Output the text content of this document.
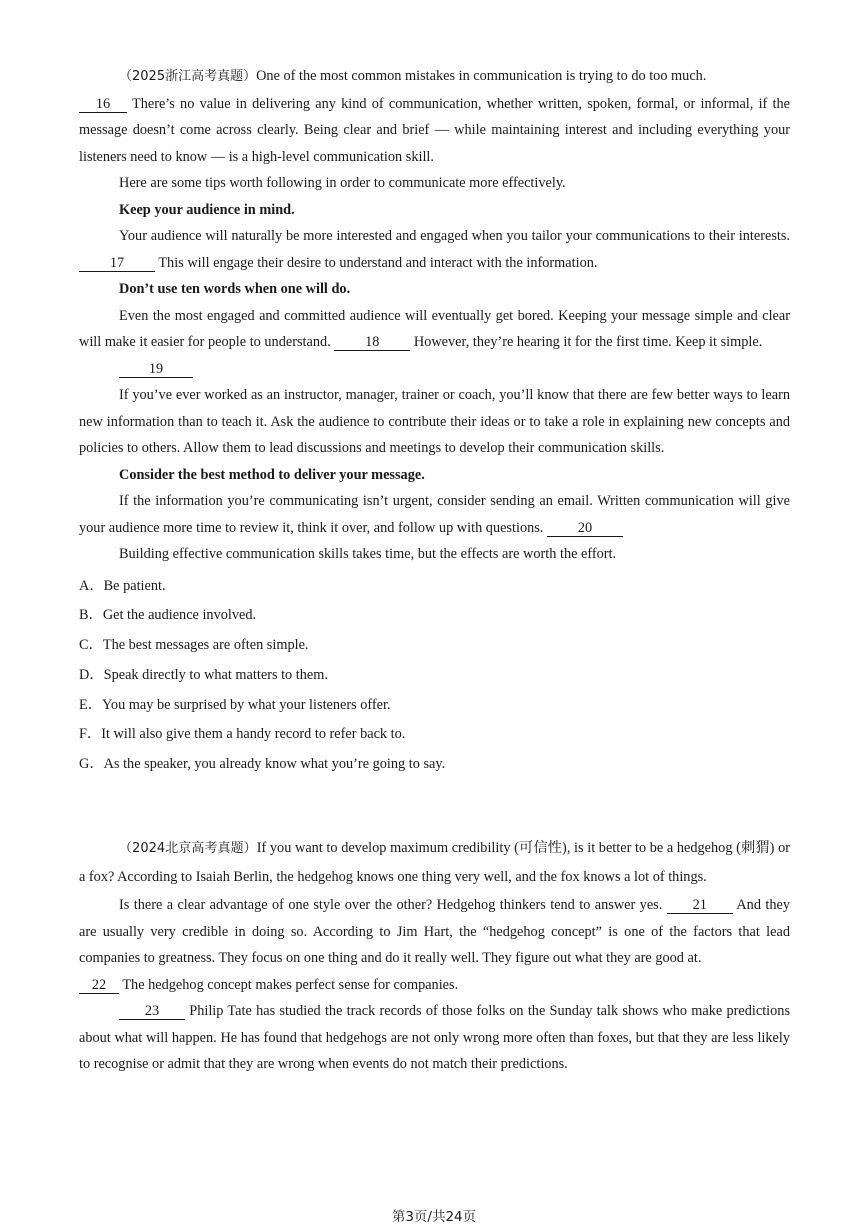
（2025浙江高考真题）One of the most common mistakes in communication is trying to do too much.
16 There’s no value in delivering any kind of communication, whether written, spoken, formal, or informal, if the message doesn’t come across clearly. Being clear and brief — while maintaining interest and including everything your listeners need to know — is a high-level communication skill.

Here are some tips worth following in order to communicate more effectively.

Keep your audience in mind.

Your audience will naturally be more interested and engaged when you tailor your communications to their interests. 17 This will engage their desire to understand and interact with the information.

Don’t use ten words when one will do.

Even the most engaged and committed audience will eventually get bored. Keeping your message simple and clear will make it easier for people to understand. 18 However, they’re hearing it for the first time. Keep it simple.

19

If you’ve ever worked as an instructor, manager, trainer or coach, you’ll know that there are few better ways to learn new information than to teach it. Ask the audience to contribute their ideas or to take a role in explaining new concepts and policies to others. Allow them to lead discussions and meetings to develop their communication skills.

Consider the best method to deliver your message.

If the information you’re communicating isn’t urgent, consider sending an email. Written communication will give your audience more time to review it, think it over, and follow up with questions. 20

Building effective communication skills takes time, but the effects are worth the effort.

A．Be patient.

B．Get the audience involved.

C．The best messages are often simple.

D．Speak directly to what matters to them.

E．You may be surprised by what your listeners offer.

F．It will also give them a handy record to refer back to.

G．As the speaker, you already know what you’re going to say.

（2024北京高考真题）If you want to develop maximum credibility (可信性), is it better to be a hedgehog (刺猬) or a fox? According to Isaiah Berlin, the hedgehog knows one thing very well, and the fox knows a lot of things.

Is there a clear advantage of one style over the other? Hedgehog thinkers tend to answer yes. 21 And they are usually very credible in doing so. According to Jim Hart, the “hedgehog concept” is one of the factors that lead companies to greatness. They focus on one thing and do it really well. They figure out what they are good at.
22 The hedgehog concept makes perfect sense for companies.

23 Philip Tate has studied the track records of those folks on the Sunday talk shows who make predictions about what will happen. He has found that hedgehogs are not only wrong more often than foxes, but that they are less likely to recognise or admit that they are wrong when events do not match their predictions.

第3页/共24页
